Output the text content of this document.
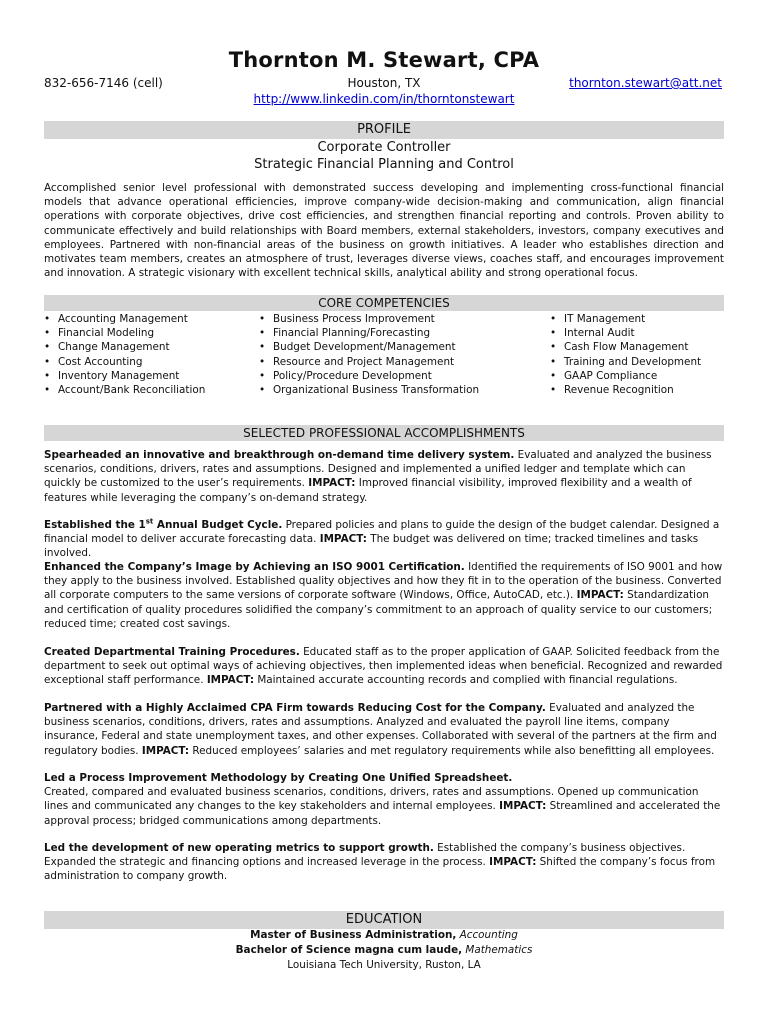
Thornton M. Stewart, CPA
832-656-7146 (cell)	Houston, TX	thornton.stewart@att.net
http://www.linkedin.com/in/thorntonstewart
PROFILE
Corporate Controller
Strategic Financial Planning and Control
Accomplished senior level professional with demonstrated success developing and implementing cross-functional financial models that advance operational efficiencies, improve company-wide decision-making and communication, align financial operations with corporate objectives, drive cost efficiencies, and strengthen financial reporting and controls. Proven ability to communicate effectively and build relationships with Board members, external stakeholders, investors, company executives and employees. Partnered with non-financial areas of the business on growth initiatives. A leader who establishes direction and motivates team members, creates an atmosphere of trust, leverages diverse views, coaches staff, and encourages improvement and innovation. A strategic visionary with excellent technical skills, analytical ability and strong operational focus.
CORE COMPETENCIES
• Accounting Management
• Financial Modeling
• Change Management
• Cost Accounting
• Inventory Management
• Account/Bank Reconciliation
• Business Process Improvement
• Financial Planning/Forecasting
• Budget Development/Management
• Resource and Project Management
• Policy/Procedure Development
• Organizational Business Transformation
• IT Management
• Internal Audit
• Cash Flow Management
• Training and Development
• GAAP Compliance
• Revenue Recognition
SELECTED PROFESSIONAL ACCOMPLISHMENTS
Spearheaded an innovative and breakthrough on-demand time delivery system. Evaluated and analyzed the business scenarios, conditions, drivers, rates and assumptions. Designed and implemented a unified ledger and template which can quickly be customized to the user’s requirements. IMPACT: Improved financial visibility, improved flexibility and a wealth of features while leveraging the company’s on-demand strategy.
Established the 1st Annual Budget Cycle. Prepared policies and plans to guide the design of the budget calendar. Designed a financial model to deliver accurate forecasting data. IMPACT: The budget was delivered on time; tracked timelines and tasks involved.
Enhanced the Company’s Image by Achieving an ISO 9001 Certification. Identified the requirements of ISO 9001 and how they apply to the business involved. Established quality objectives and how they fit in to the operation of the business. Converted all corporate computers to the same versions of corporate software (Windows, Office, AutoCAD, etc.). IMPACT: Standardization and certification of quality procedures solidified the company’s commitment to an approach of quality service to our customers; reduced time; created cost savings.
Created Departmental Training Procedures. Educated staff as to the proper application of GAAP. Solicited feedback from the department to seek out optimal ways of achieving objectives, then implemented ideas when beneficial. Recognized and rewarded exceptional staff performance. IMPACT: Maintained accurate accounting records and complied with financial regulations.
Partnered with a Highly Acclaimed CPA Firm towards Reducing Cost for the Company. Evaluated and analyzed the business scenarios, conditions, drivers, rates and assumptions. Analyzed and evaluated the payroll line items, company insurance, Federal and state unemployment taxes, and other expenses. Collaborated with several of the partners at the firm and regulatory bodies. IMPACT: Reduced employees’ salaries and met regulatory requirements while also benefitting all employees.
Led a Process Improvement Methodology by Creating One Unified Spreadsheet.
Created, compared and evaluated business scenarios, conditions, drivers, rates and assumptions. Opened up communication lines and communicated any changes to the key stakeholders and internal employees. IMPACT: Streamlined and accelerated the approval process; bridged communications among departments.
Led the development of new operating metrics to support growth. Established the company’s business objectives. Expanded the strategic and financing options and increased leverage in the process. IMPACT: Shifted the company’s focus from administration to company growth.
EDUCATION
Master of Business Administration, Accounting
Bachelor of Science magna cum laude, Mathematics
Louisiana Tech University, Ruston, LA
